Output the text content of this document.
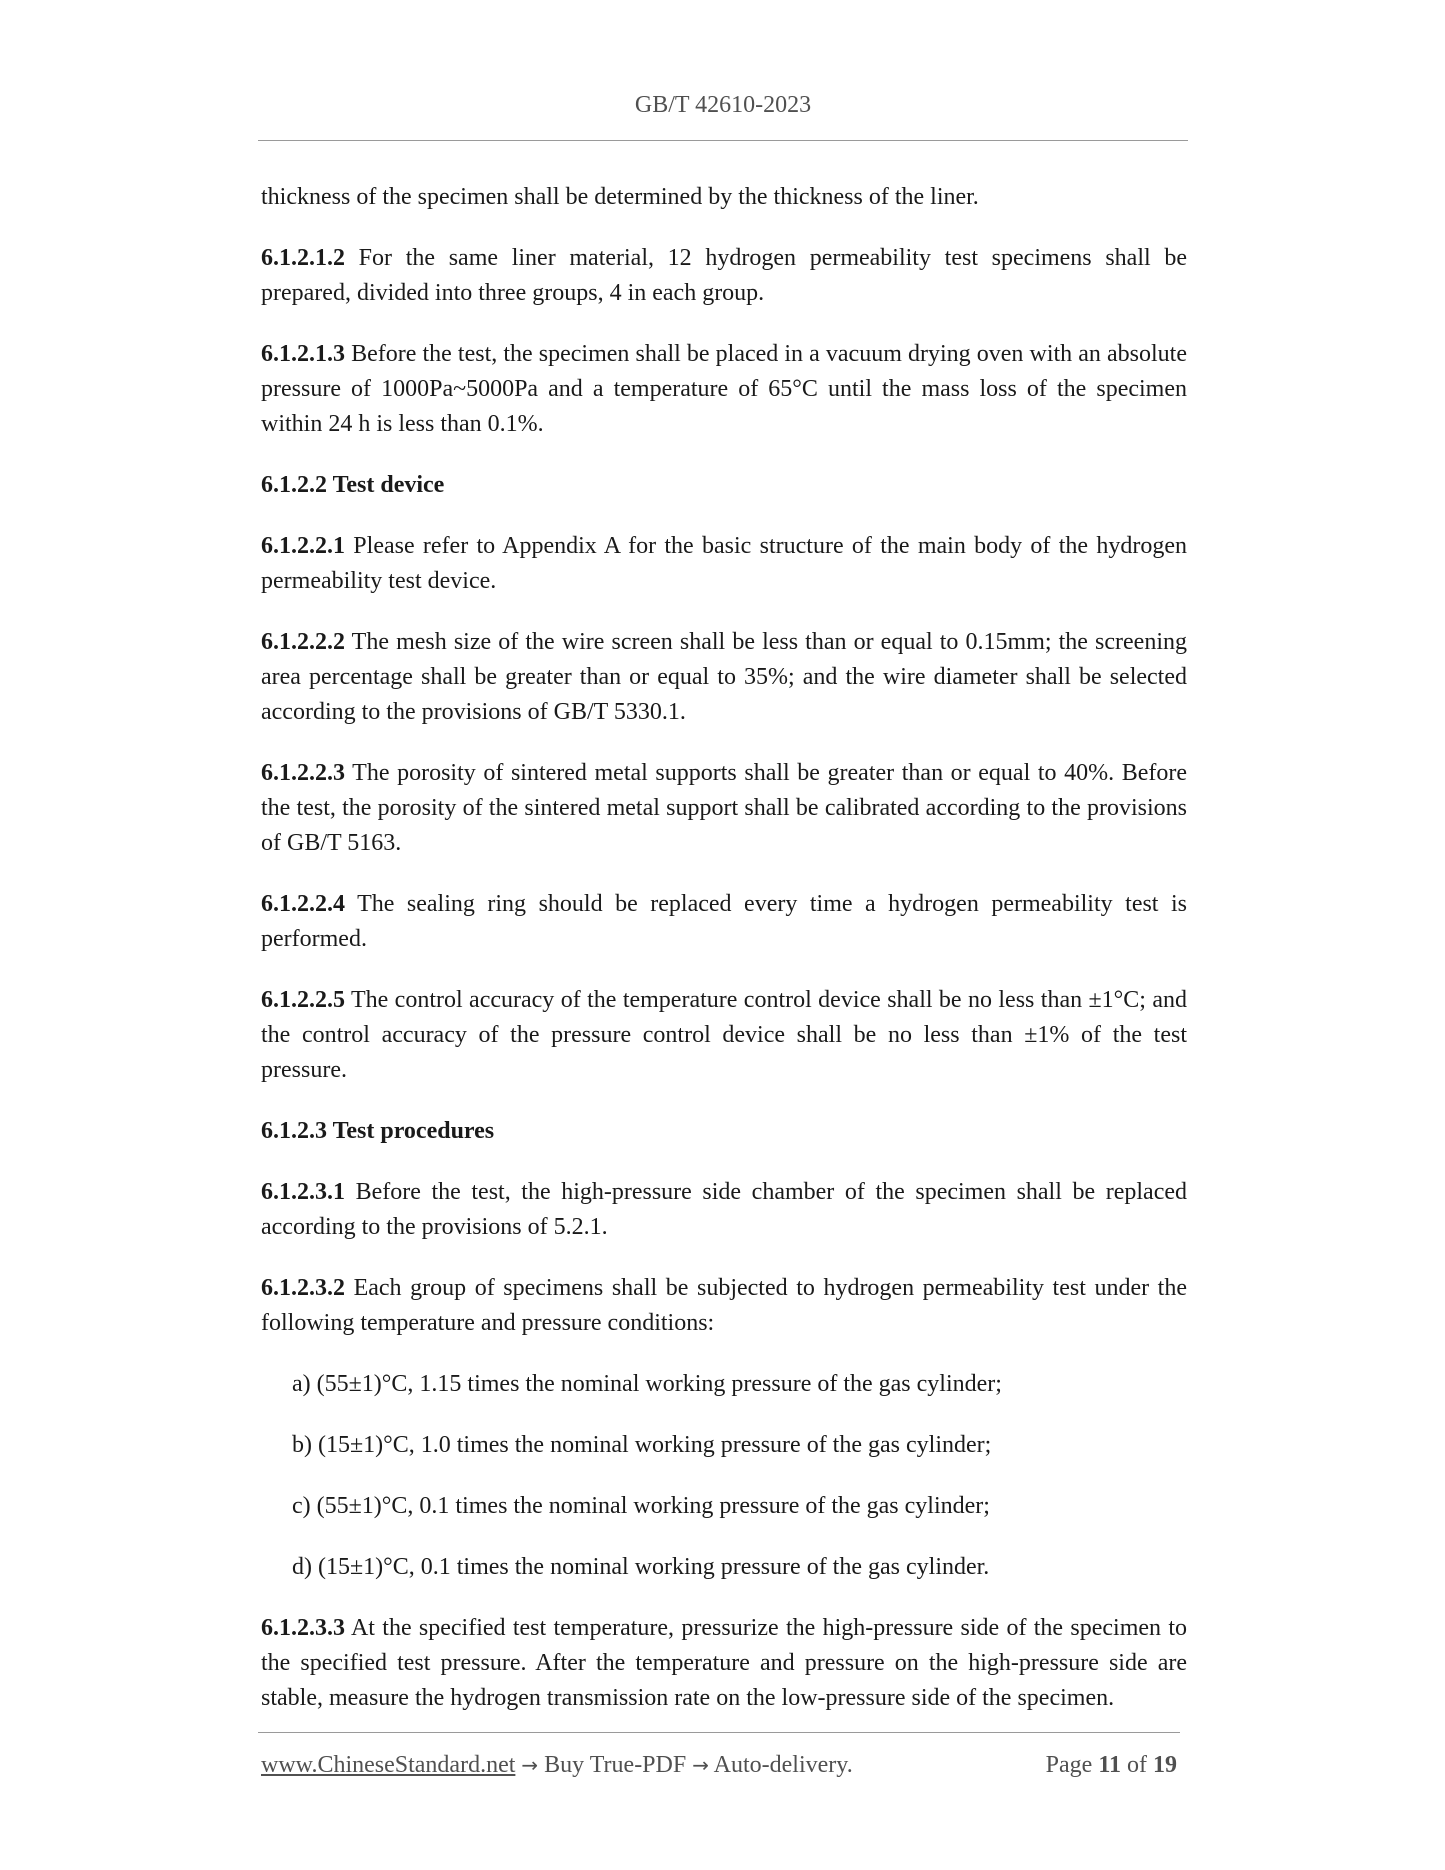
GB/T 42610-2023

thickness of the specimen shall be determined by the thickness of the liner.

6.1.2.1.2 For the same liner material, 12 hydrogen permeability test specimens shall be prepared, divided into three groups, 4 in each group.

6.1.2.1.3 Before the test, the specimen shall be placed in a vacuum drying oven with an absolute pressure of 1000Pa~5000Pa and a temperature of 65°C until the mass loss of the specimen within 24 h is less than 0.1%.

6.1.2.2 Test device

6.1.2.2.1 Please refer to Appendix A for the basic structure of the main body of the hydrogen permeability test device.

6.1.2.2.2 The mesh size of the wire screen shall be less than or equal to 0.15mm; the screening area percentage shall be greater than or equal to 35%; and the wire diameter shall be selected according to the provisions of GB/T 5330.1.

6.1.2.2.3 The porosity of sintered metal supports shall be greater than or equal to 40%. Before the test, the porosity of the sintered metal support shall be calibrated according to the provisions of GB/T 5163.

6.1.2.2.4 The sealing ring should be replaced every time a hydrogen permeability test is performed.

6.1.2.2.5 The control accuracy of the temperature control device shall be no less than ±1°C; and the control accuracy of the pressure control device shall be no less than ±1% of the test pressure.

6.1.2.3 Test procedures

6.1.2.3.1 Before the test, the high-pressure side chamber of the specimen shall be replaced according to the provisions of 5.2.1.

6.1.2.3.2 Each group of specimens shall be subjected to hydrogen permeability test under the following temperature and pressure conditions:

a) (55±1)°C, 1.15 times the nominal working pressure of the gas cylinder;

b) (15±1)°C, 1.0 times the nominal working pressure of the gas cylinder;

c) (55±1)°C, 0.1 times the nominal working pressure of the gas cylinder;

d) (15±1)°C, 0.1 times the nominal working pressure of the gas cylinder.

6.1.2.3.3 At the specified test temperature, pressurize the high-pressure side of the specimen to the specified test pressure. After the temperature and pressure on the high-pressure side are stable, measure the hydrogen transmission rate on the low-pressure side of the specimen.

www.ChineseStandard.net → Buy True-PDF → Auto-delivery.	Page 11 of 19
